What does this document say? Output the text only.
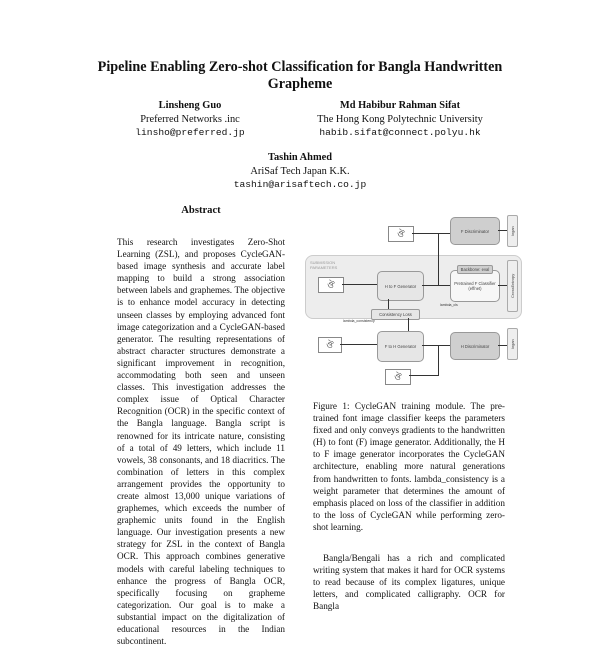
Pipeline Enabling Zero-shot Classification for Bangla Handwritten Grapheme
Linsheng Guo
Preferred Networks .inc
linsho@preferred.jp
Md Habibur Rahman Sifat
The Hong Kong Polytechnic University
habib.sifat@connect.polyu.hk
Tashin Ahmed
AriSaf Tech Japan K.K.
tashin@arisaftech.co.jp
Abstract
This research investigates Zero-Shot Learning (ZSL), and proposes CycleGAN-based image synthesis and accurate label mapping to build a strong association between labels and graphemes. The objective is to enhance model accuracy in detecting unseen classes by employing advanced font image categorization and a CycleGAN-based generator. The resulting representations of abstract character structures demonstrate a significant improvement in recognition, accommodating both seen and unseen classes. This investigation addresses the complex issue of Optical Character Recognition (OCR) in the specific context of the Bangla language. Bangla script is renowned for its intricate nature, consisting of a total of 49 letters, which include 11 vowels, 38 consonants, and 18 diacritics. The combination of letters in this complex arrangement provides the opportunity to create almost 13,000 unique variations of graphemes, which exceeds the number of graphemic units found in the English language. Our investigation presents a new strategy for ZSL in the context of Bangla OCR. This approach combines generative models with careful labeling techniques to enhance the progress of Bangla OCR, specifically focusing on grapheme categorization. Our goal is to make a substantial impact on the digitalization of educational resources in the Indian subcontinent.
SUBMISSION PARAMETERS
ঔ
ঔ
ঔ
ঔ
F Discriminator
H to F Generator	Pretrained F Classifier (effnet)
Backbone: eval
Consistency Loss
F to H Generator	H Discriminator
logan
CrossEntropy
logan
lambda_consistency
lambda_cls
Figure 1: CycleGAN training module. The pre-trained font image classifier keeps the parameters fixed and only conveys gradients to the handwritten (H) to font (F) image generator. Additionally, the H to F image generator incorporates the CycleGAN architecture, enabling more natural generations from handwritten to fonts. lambda_consistency is a weight parameter that determines the amount of emphasis placed on loss of the classifier in addition to the loss of CycleGAN while performing zero-shot learning.
Bangla/Bengali has a rich and complicated writing system that makes it hard for OCR systems to read because of its complex ligatures, unique letters, and complicated calligraphy. OCR for Bangla
